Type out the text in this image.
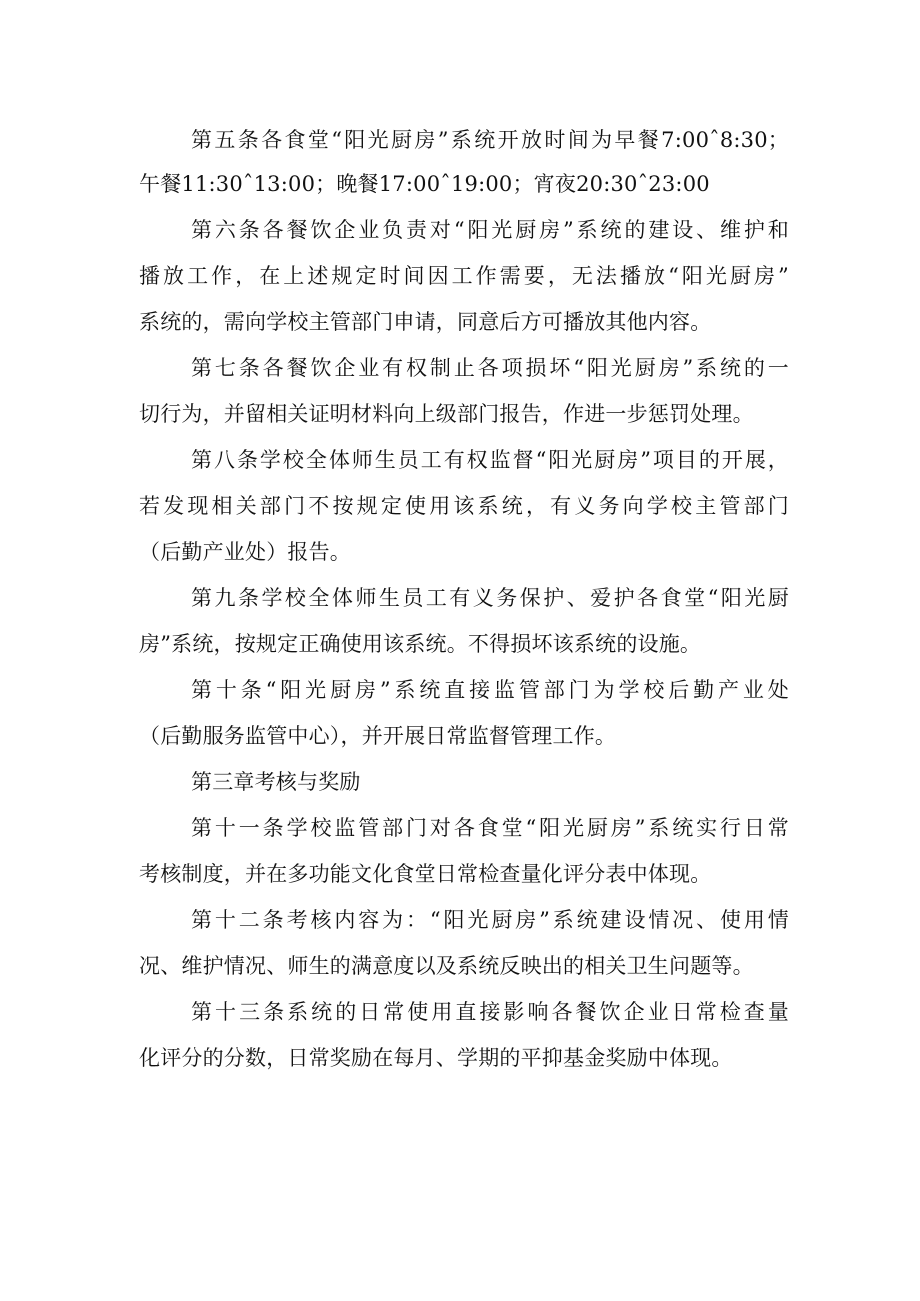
第五条各食堂“阳光厨房”系统开放时间为早餐7:00ˆ8:30；
午餐11:30ˆ13:00；晚餐17:00ˆ19:00；宵夜20:30ˆ23:00
第六条各餐饮企业负责对“阳光厨房”系统的建设、维护和
播放工作，在上述规定时间因工作需要，无法播放“阳光厨房”
系统的，需向学校主管部门申请，同意后方可播放其他内容。
第七条各餐饮企业有权制止各项损坏“阳光厨房”系统的一
切行为，并留相关证明材料向上级部门报告，作进一步惩罚处理。
第八条学校全体师生员工有权监督“阳光厨房”项目的开展，
若发现相关部门不按规定使用该系统，有义务向学校主管部门
（后勤产业处）报告。
第九条学校全体师生员工有义务保护、爱护各食堂“阳光厨
房”系统，按规定正确使用该系统。不得损坏该系统的设施。
第十条“阳光厨房”系统直接监管部门为学校后勤产业处
（后勤服务监管中心），并开展日常监督管理工作。
第三章考核与奖励
第十一条学校监管部门对各食堂“阳光厨房”系统实行日常
考核制度，并在多功能文化食堂日常检查量化评分表中体现。
第十二条考核内容为：“阳光厨房”系统建设情况、使用情
况、维护情况、师生的满意度以及系统反映出的相关卫生问题等。
第十三条系统的日常使用直接影响各餐饮企业日常检查量
化评分的分数，日常奖励在每月、学期的平抑基金奖励中体现。
